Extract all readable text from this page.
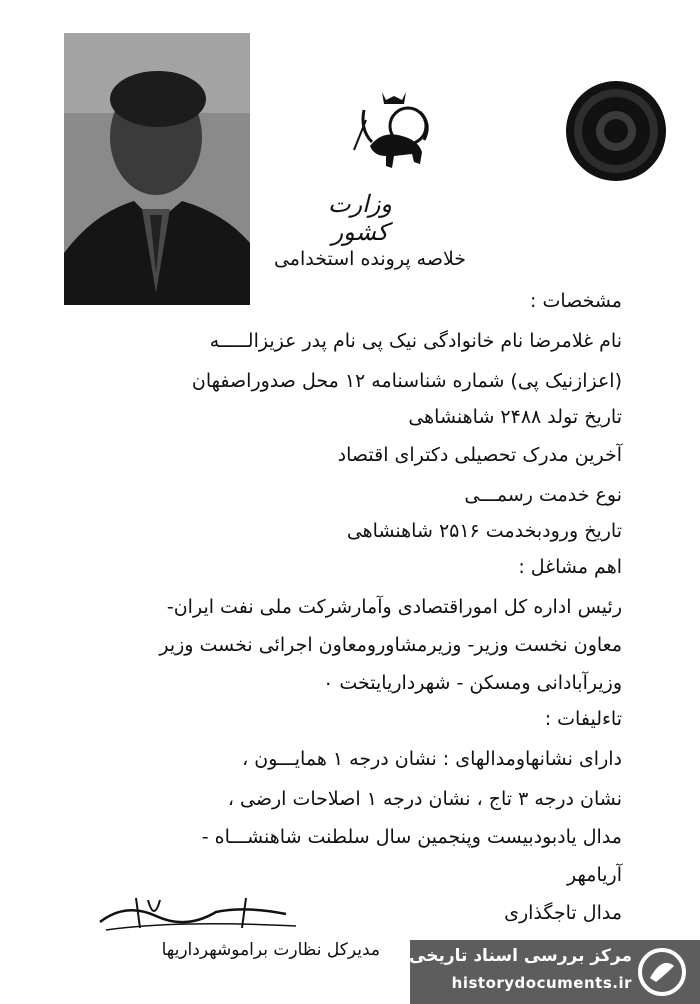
وزارت کشور
خلاصه پرونده استخدامی
مشخصات :
نام غلامرضا نام خانوادگی نیک پی نام پدر عزیزالـــــه
(اعزازنیک پی) شماره شناسنامه ۱۲ محل صدوراصفهان
تاریخ تولد ۲۴۸۸ شاهنشاهی
آخرین مدرک تحصیلی دکترای اقتصاد
نوع خدمت رسمـــی
تاریخ ورودبخدمت ۲۵۱۶ شاهنشاهی
اهم مشاغل :
رئیس اداره کل اموراقتصادی وآمارشرکت ملی نفت ایران-
معاون نخست وزیر- وزیرمشاورومعاون اجرائی نخست وزیر
وزیرآبادانی ومسکن - شهرداریایتخت ۰
تاءلیفات :
دارای نشانهاومدالهای : نشان درجه ۱ همایـــون ،
نشان درجه ۳ تاج ، نشان درجه ۱ اصلاحات ارضی ،
مدال یادبودبیست وپنجمین سال سلطنت شاهنشـــاه -
آریامهر
مدال تاجگذاری
مدیرکل نظارت براموشهرداریها مرکز بررسی اسناد تاریخی
historydocuments.ir
